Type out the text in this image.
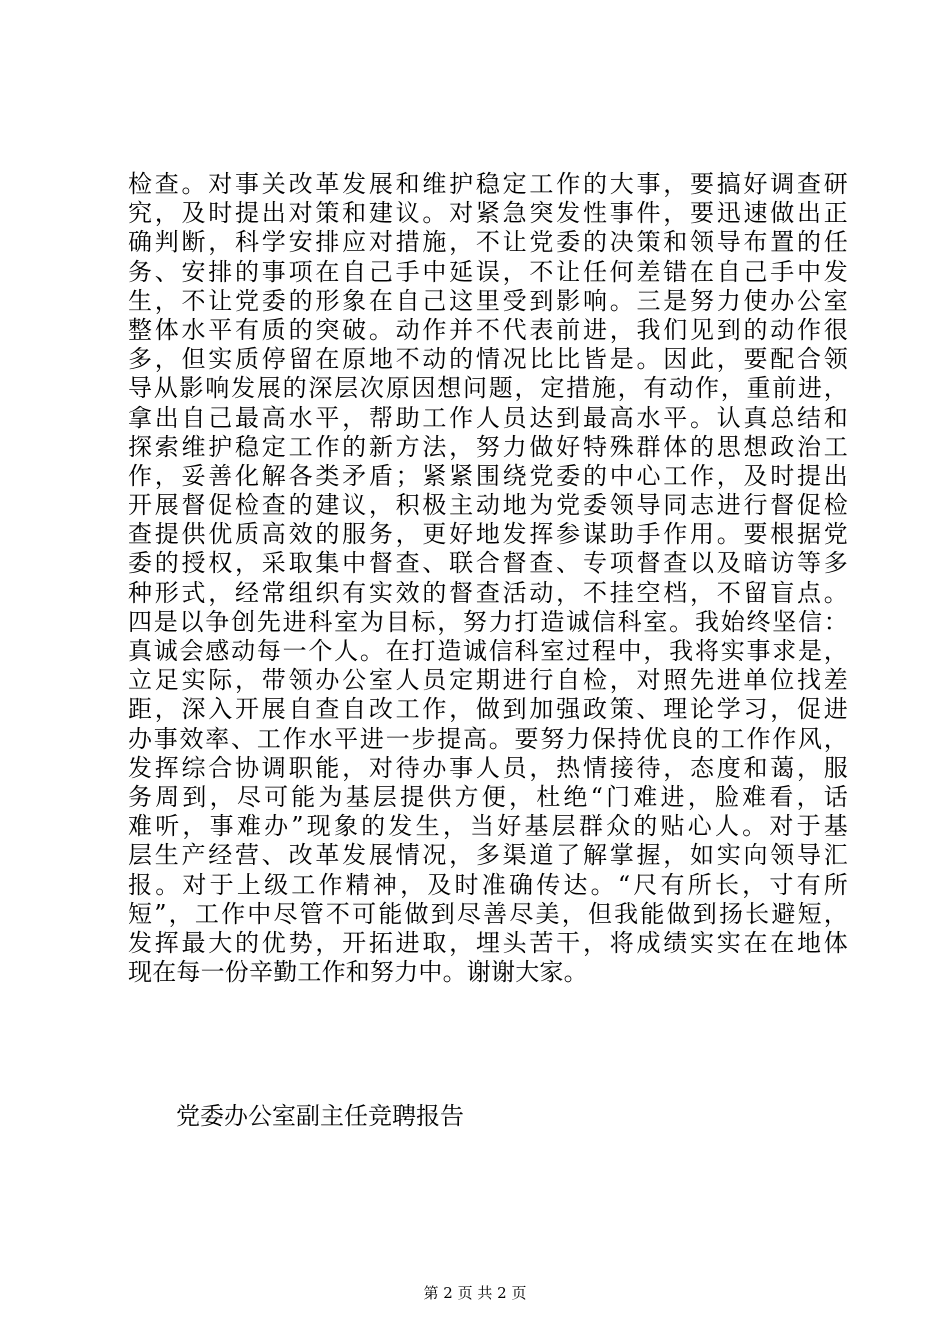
检查。对事关改革发展和维护稳定工作的大事，要搞好调查研
究，及时提出对策和建议。对紧急突发性事件，要迅速做出正
确判断，科学安排应对措施，不让党委的决策和领导布置的任
务、安排的事项在自己手中延误，不让任何差错在自己手中发
生，不让党委的形象在自己这里受到影响。三是努力使办公室
整体水平有质的突破。动作并不代表前进，我们见到的动作很
多，但实质停留在原地不动的情况比比皆是。因此，要配合领
导从影响发展的深层次原因想问题，定措施，有动作，重前进，
拿出自己最高水平，帮助工作人员达到最高水平。认真总结和
探索维护稳定工作的新方法，努力做好特殊群体的思想政治工
作，妥善化解各类矛盾；紧紧围绕党委的中心工作，及时提出
开展督促检查的建议，积极主动地为党委领导同志进行督促检
查提供优质高效的服务，更好地发挥参谋助手作用。要根据党
委的授权，采取集中督查、联合督查、专项督查以及暗访等多
种形式，经常组织有实效的督查活动，不挂空档，不留盲点。
四是以争创先进科室为目标，努力打造诚信科室。我始终坚信：
真诚会感动每一个人。在打造诚信科室过程中，我将实事求是，
立足实际，带领办公室人员定期进行自检，对照先进单位找差
距，深入开展自查自改工作，做到加强政策、理论学习，促进
办事效率、工作水平进一步提高。要努力保持优良的工作作风，
发挥综合协调职能，对待办事人员，热情接待，态度和蔼，服
务周到，尽可能为基层提供方便，杜绝“门难进，脸难看，话
难听，事难办”现象的发生，当好基层群众的贴心人。对于基
层生产经营、改革发展情况，多渠道了解掌握，如实向领导汇
报。对于上级工作精神，及时准确传达。“尺有所长，寸有所
短”，工作中尽管不可能做到尽善尽美，但我能做到扬长避短，
发挥最大的优势，开拓进取，埋头苦干，将成绩实实在在地体
现在每一份辛勤工作和努力中。谢谢大家。

党委办公室副主任竞聘报告

第 2 页 共 2 页
